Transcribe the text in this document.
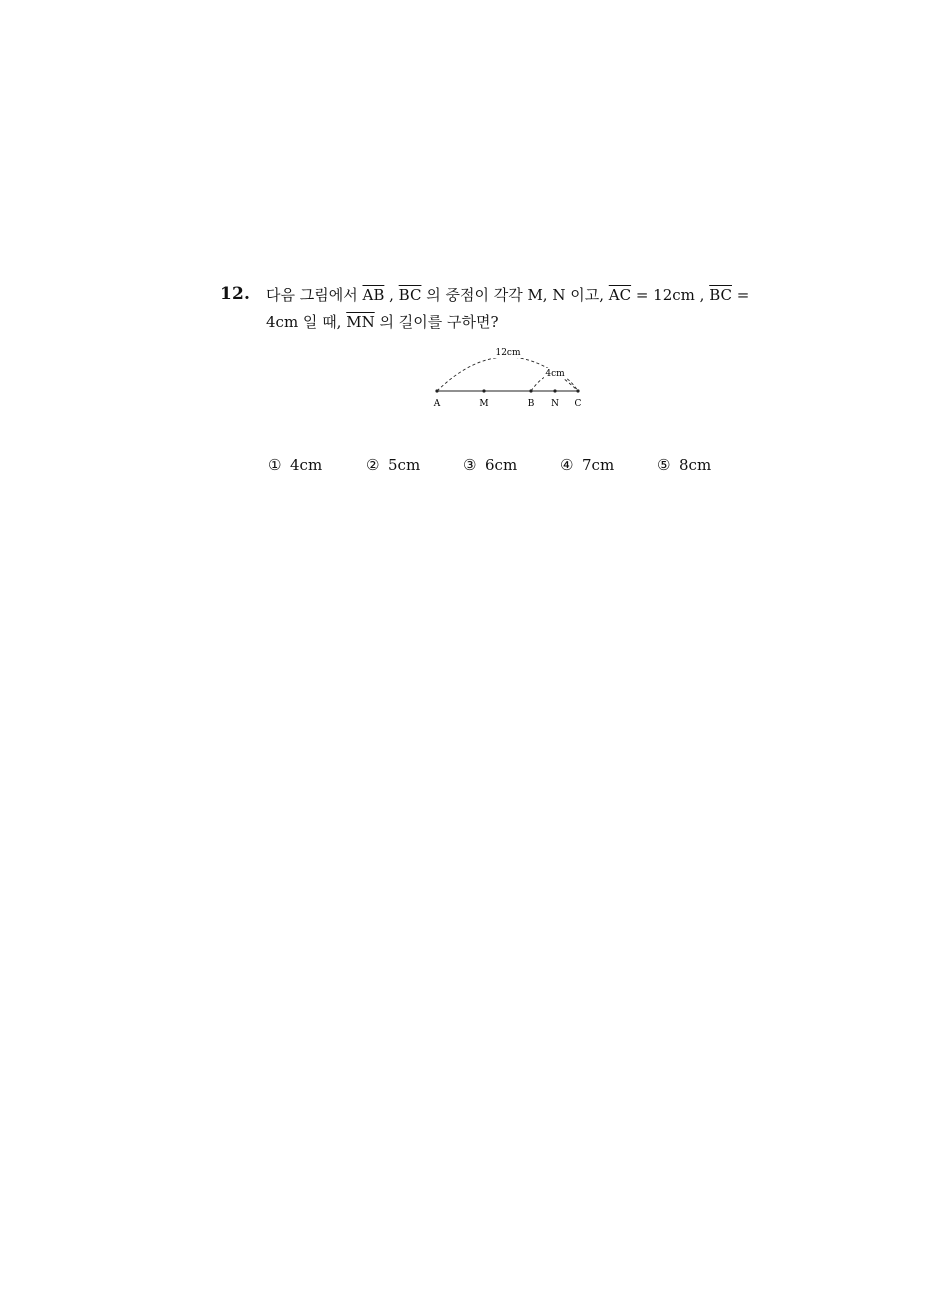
12. 다음 그림에서 $\overline{AB}$ , $\overline{BC}$ 의 중점이 각각 M, N 이고, $\overline{AC} = 12cm$ , $\overline{BC}$ =
4cm 일 때, $\overline{MN}$ 의 길이를 구하면?
12cm
4cm
A	M	B N C
① 4cm	② 5cm	③ 6cm	④ 7cm	⑤ 8cm
